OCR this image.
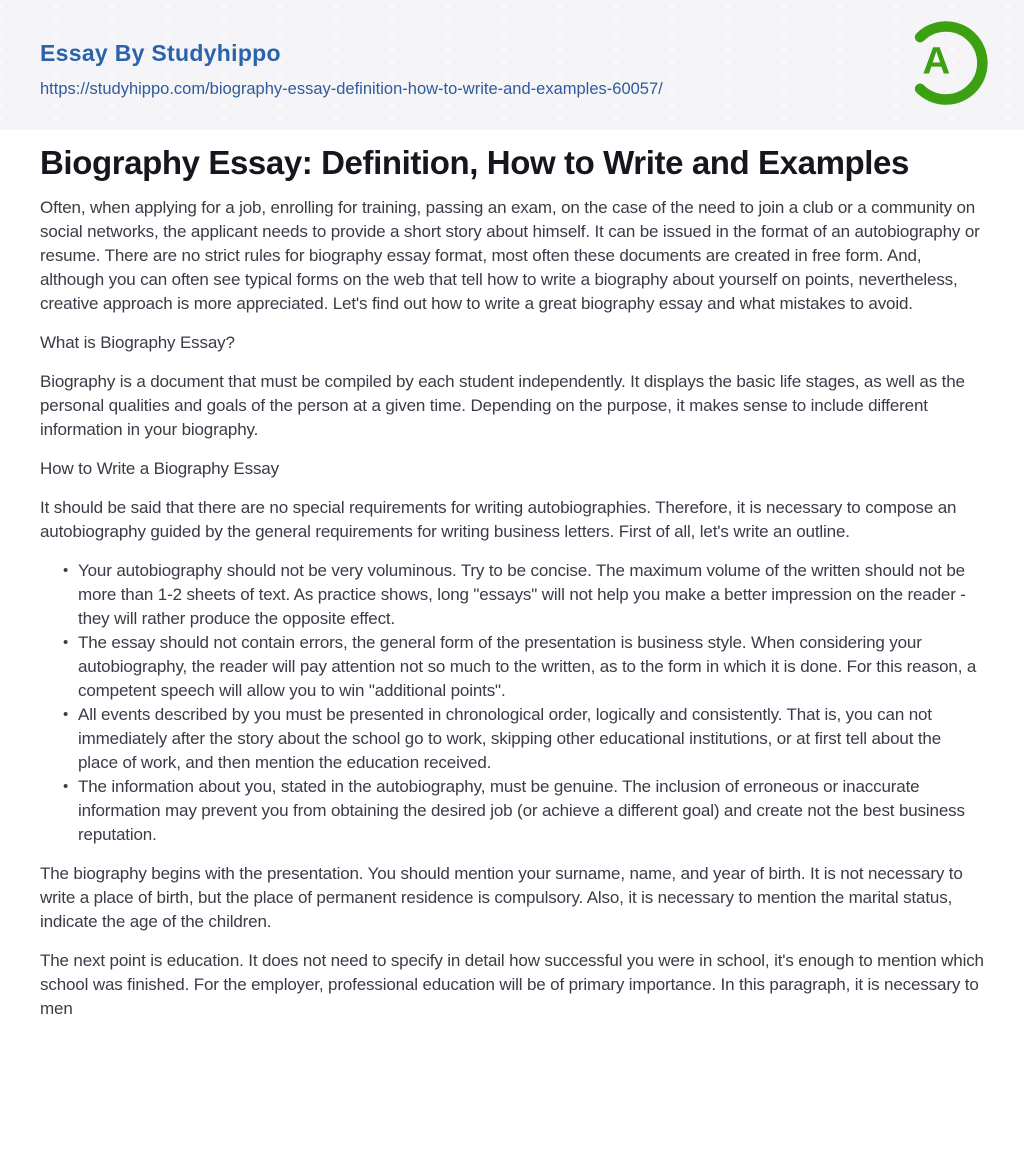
Essay By Studyhippo
https://studyhippo.com/biography-essay-definition-how-to-write-and-examples-60057/
A
Biography Essay: Definition, How to Write and Examples

Often, when applying for a job, enrolling for training, passing an exam, on the case of the need to join a club or a community on social networks, the applicant needs to provide a short story about himself. It can be issued in the format of an autobiography or resume. There are no strict rules for biography essay format, most often these documents are created in free form. And, although you can often see typical forms on the web that tell how to write a biography about yourself on points, nevertheless, creative approach is more appreciated. Let's find out how to write a great biography essay and what mistakes to avoid.

What is Biography Essay?

Biography is a document that must be compiled by each student independently. It displays the basic life stages, as well as the personal qualities and goals of the person at a given time. Depending on the purpose, it makes sense to include different information in your biography.

How to Write a Biography Essay

It should be said that there are no special requirements for writing autobiographies. Therefore, it is necessary to compose an autobiography guided by the general requirements for writing business letters. First of all, let's write an outline.

• Your autobiography should not be very voluminous. Try to be concise. The maximum volume of the written should not be more than 1-2 sheets of text. As practice shows, long "essays" will not help you make a better impression on the reader - they will rather produce the opposite effect.
• The essay should not contain errors, the general form of the presentation is business style. When considering your autobiography, the reader will pay attention not so much to the written, as to the form in which it is done. For this reason, a competent speech will allow you to win "additional points".
• All events described by you must be presented in chronological order, logically and consistently. That is, you can not immediately after the story about the school go to work, skipping other educational institutions, or at first tell about the place of work, and then mention the education received.
• The information about you, stated in the autobiography, must be genuine. The inclusion of erroneous or inaccurate information may prevent you from obtaining the desired job (or achieve a different goal) and create not the best business reputation.

The biography begins with the presentation. You should mention your surname, name, and year of birth. It is not necessary to write a place of birth, but the place of permanent residence is compulsory. Also, it is necessary to mention the marital status, indicate the age of the children.

The next point is education. It does not need to specify in detail how successful you were in school, it's enough to mention which school was finished. For the employer, professional education will be of primary importance. In this paragraph, it is necessary to men
